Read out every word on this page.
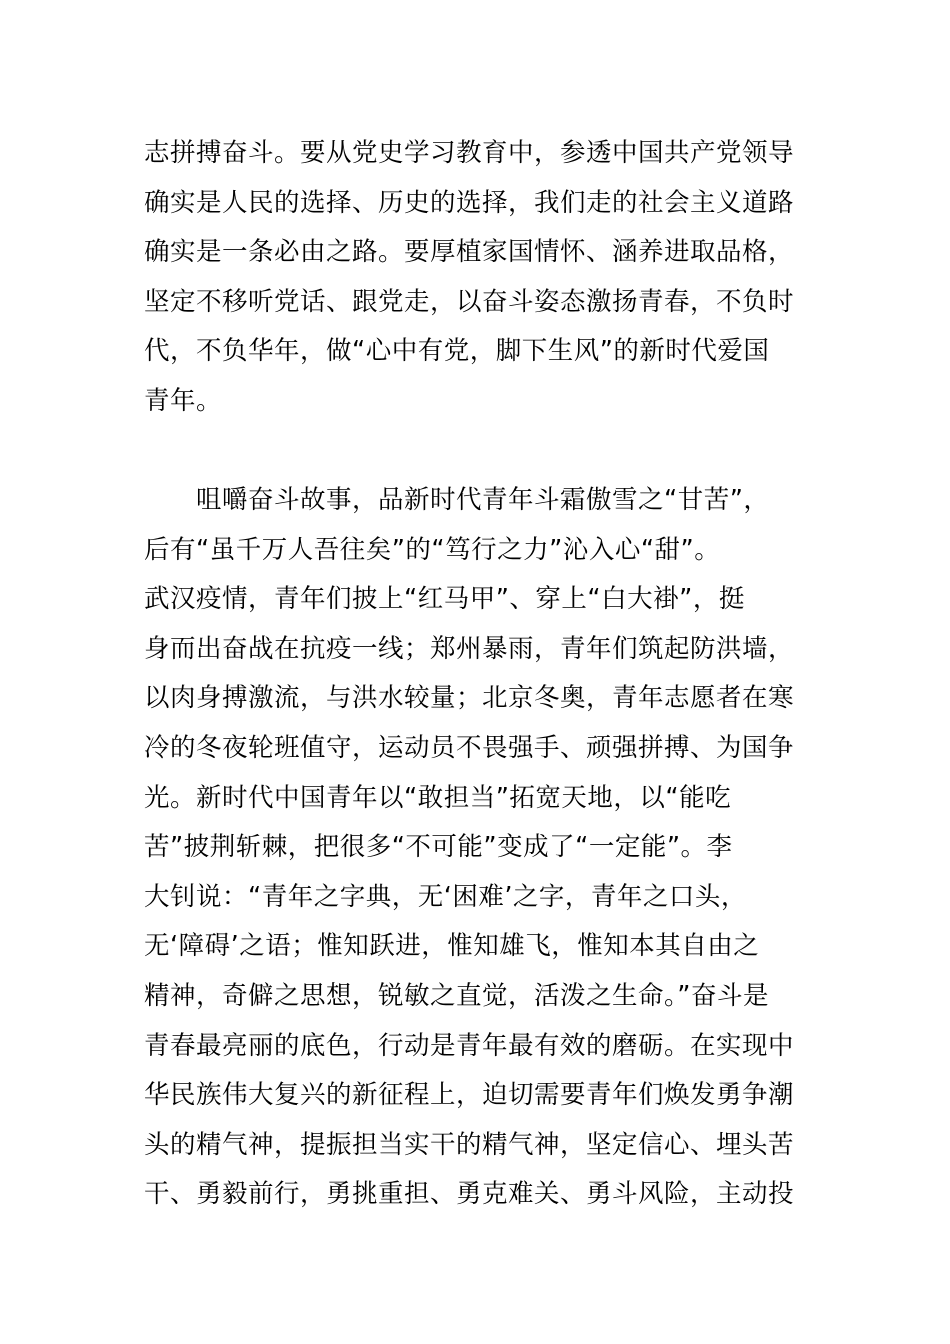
志拼搏奋斗。要从党史学习教育中，参透中国共产党领导
确实是人民的选择、历史的选择，我们走的社会主义道路
确实是一条必由之路。要厚植家国情怀、涵养进取品格，
坚定不移听党话、跟党走，以奋斗姿态激扬青春，不负时
代，不负华年，做“心中有党，脚下生风”的新时代爱国
青年。
　　咀嚼奋斗故事，品新时代青年斗霜傲雪之“甘苦”，
后有“虽千万人吾往矣”的“笃行之力”沁入心“甜”。
武汉疫情，青年们披上“红马甲”、穿上“白大褂”，挺
身而出奋战在抗疫一线；郑州暴雨，青年们筑起防洪墙，
以肉身搏激流，与洪水较量；北京冬奥，青年志愿者在寒
冷的冬夜轮班值守，运动员不畏强手、顽强拼搏、为国争
光。新时代中国青年以“敢担当”拓宽天地，以“能吃
苦”披荆斩棘，把很多“不可能”变成了“一定能”。李
大钊说：“青年之字典，无‘困难’之字，青年之口头，
无‘障碍’之语；惟知跃进，惟知雄飞，惟知本其自由之
精神，奇僻之思想，锐敏之直觉，活泼之生命。”奋斗是
青春最亮丽的底色，行动是青年最有效的磨砺。在实现中
华民族伟大复兴的新征程上，迫切需要青年们焕发勇争潮
头的精气神，提振担当实干的精气神，坚定信心、埋头苦
干、勇毅前行，勇挑重担、勇克难关、勇斗风险，主动投
